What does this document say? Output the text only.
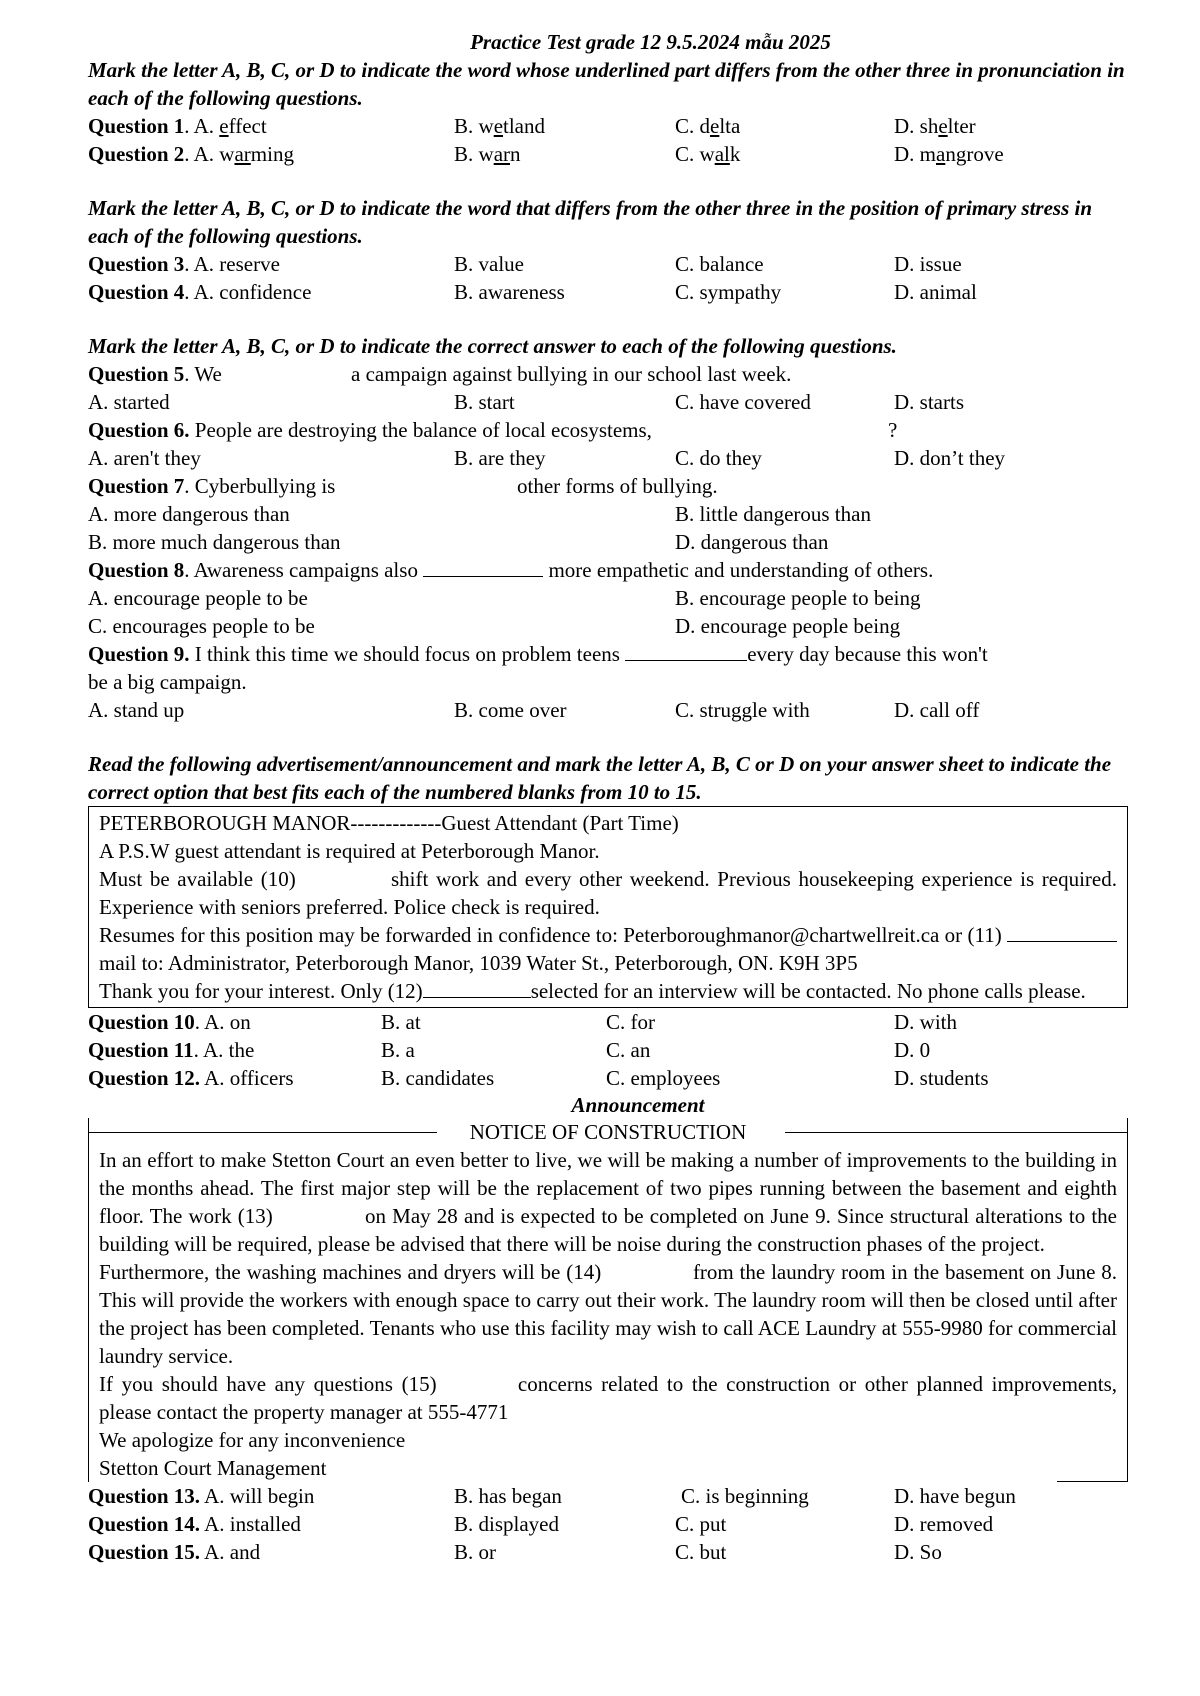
Practice Test grade 12 9.5.2024 mẫu 2025
Mark the letter A, B, C, or D to indicate the word whose underlined part differs from the other three in pronunciation in each of the following questions.
Question 1. A. effect	B. wetland	C. delta	D. shelter
Question 2. A. warming	B. warn	C. walk	D. mangrove
Mark the letter A, B, C, or D to indicate the word that differs from the other three in the position of primary stress in each of the following questions.
Question 3. A. reserve	B. value	C. balance	D. issue
Question 4. A. confidence	B. awareness	C. sympathy	D. animal
Mark the letter A, B, C, or D to indicate the correct answer to each of the following questions.
Question 5. We	a campaign against bullying in our school last week.
A. started	B. start	C. have covered	D. starts
Question 6. People are destroying the balance of local ecosystems,	?
A. aren't they	B. are they	C. do they	D. don’t they
Question 7. Cyberbullying is	other forms of bullying.
A. more dangerous than	B. little dangerous than
B. more much dangerous than	D. dangerous than
Question 8. Awareness campaigns also	more empathetic and understanding of others.
A. encourage people to be	B. encourage people to being
C. encourages people to be	D. encourage people being
Question 9. I think this time we should focus on problem teens	every day because this won't
be a big campaign.
A. stand up	B. come over	C. struggle with	D. call off
Read the following advertisement/announcement and mark the letter A, B, C or D on your answer sheet to indicate the correct option that best fits each of the numbered blanks from 10 to 15.

PETERBOROUGH MANOR-------------Guest Attendant (Part Time)

A P.S.W guest attendant is required at Peterborough Manor.

Must be available (10)	shift work and every other weekend. Previous housekeeping experience is required. Experience with seniors preferred. Police check is required.

Resumes for this position may be forwarded in confidence to: Peterboroughmanor@chartwellreit.ca or (11)  mail to: Administrator, Peterborough Manor, 1039 Water St., Peterborough, ON. K9H 3P5

Thank you for your interest. Only (12)	selected for an interview will be contacted. No phone calls please.

Question 10. A. on	B. at	C. for	D. with
Question 11. A. the	B. a	C. an	D. 0
Question 12. A. officers	B. candidates	C. employees	D. students
Announcement
NOTICE OF CONSTRUCTION

In an effort to make Stetton Court an even better to live, we will be making a number of improvements to the building in the months ahead. The first major step will be the replacement of two pipes running between the basement and eighth floor. The work (13)	on May 28 and is expected to be completed on June 9. Since structural alterations to the building will be required, please be advised that there will be noise during the construction phases of the project.

Furthermore, the washing machines and dryers will be (14)	from the laundry room in the basement on June 8. This will provide the workers with enough space to carry out their work. The laundry room will then be closed until after the project has been completed. Tenants who use this facility may wish to call ACE Laundry at 555-9980 for commercial laundry service.

If you should have any questions (15)	concerns related to the construction or other planned improvements, please contact the property manager at 555-4771

We apologize for any inconvenience

Stetton Court Management

Question 13. A. will begin	B. has began	C. is beginning	D. have begun
Question 14. A. installed	B. displayed	C. put	D. removed
Question 15. A. and	B. or	C. but	D. So
